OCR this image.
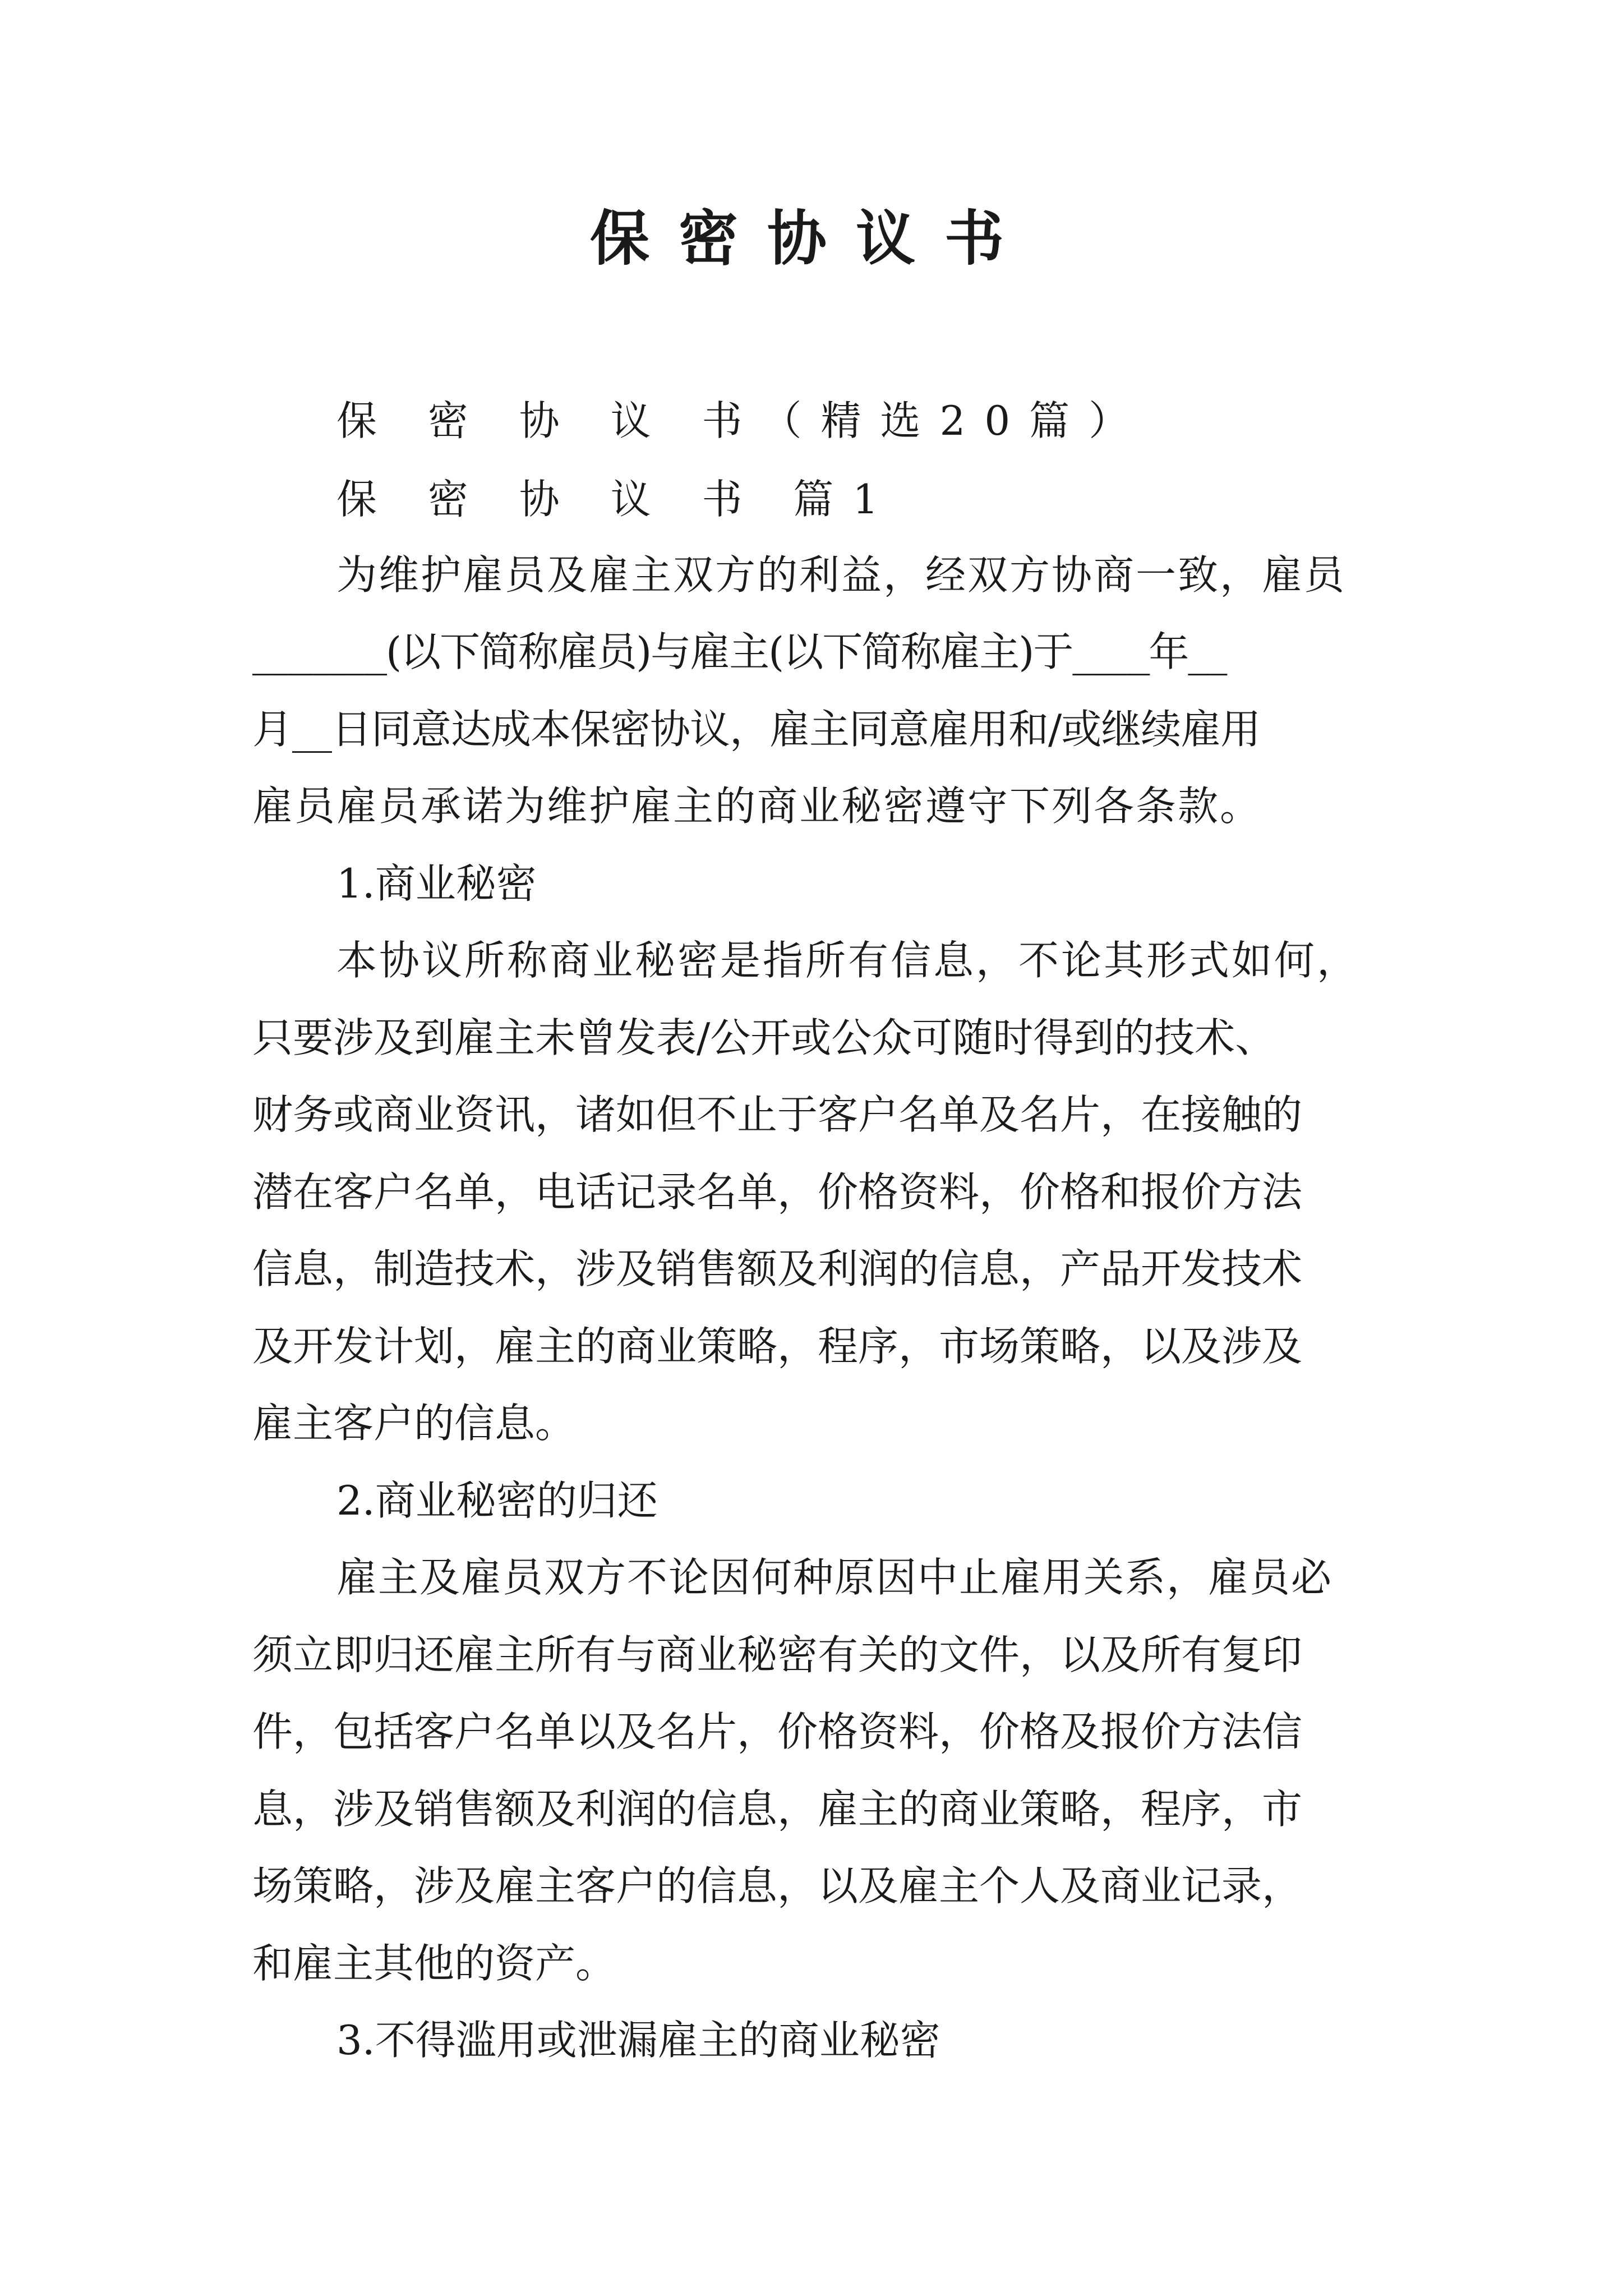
保密协议书
保 密 协 议 书（精选20篇）
保 密 协 议 书 篇1
为维护雇员及雇主双方的利益，经双方协商一致，雇员
_______(以下简称雇员)与雇主(以下简称雇主)于____年__
月__日同意达成本保密协议，雇主同意雇用和/或继续雇用
雇员雇员承诺为维护雇主的商业秘密遵守下列各条款。
1.商业秘密
本协议所称商业秘密是指所有信息，不论其形式如何，
只要涉及到雇主未曾发表/公开或公众可随时得到的技术、
财务或商业资讯，诸如但不止于客户名单及名片，在接触的
潜在客户名单，电话记录名单，价格资料，价格和报价方法
信息，制造技术，涉及销售额及利润的信息，产品开发技术
及开发计划，雇主的商业策略，程序，市场策略，以及涉及
雇主客户的信息。
2.商业秘密的归还
雇主及雇员双方不论因何种原因中止雇用关系，雇员必
须立即归还雇主所有与商业秘密有关的文件，以及所有复印
件，包括客户名单以及名片，价格资料，价格及报价方法信
息，涉及销售额及利润的信息，雇主的商业策略，程序，市
场策略，涉及雇主客户的信息，以及雇主个人及商业记录，
和雇主其他的资产。
3.不得滥用或泄漏雇主的商业秘密
